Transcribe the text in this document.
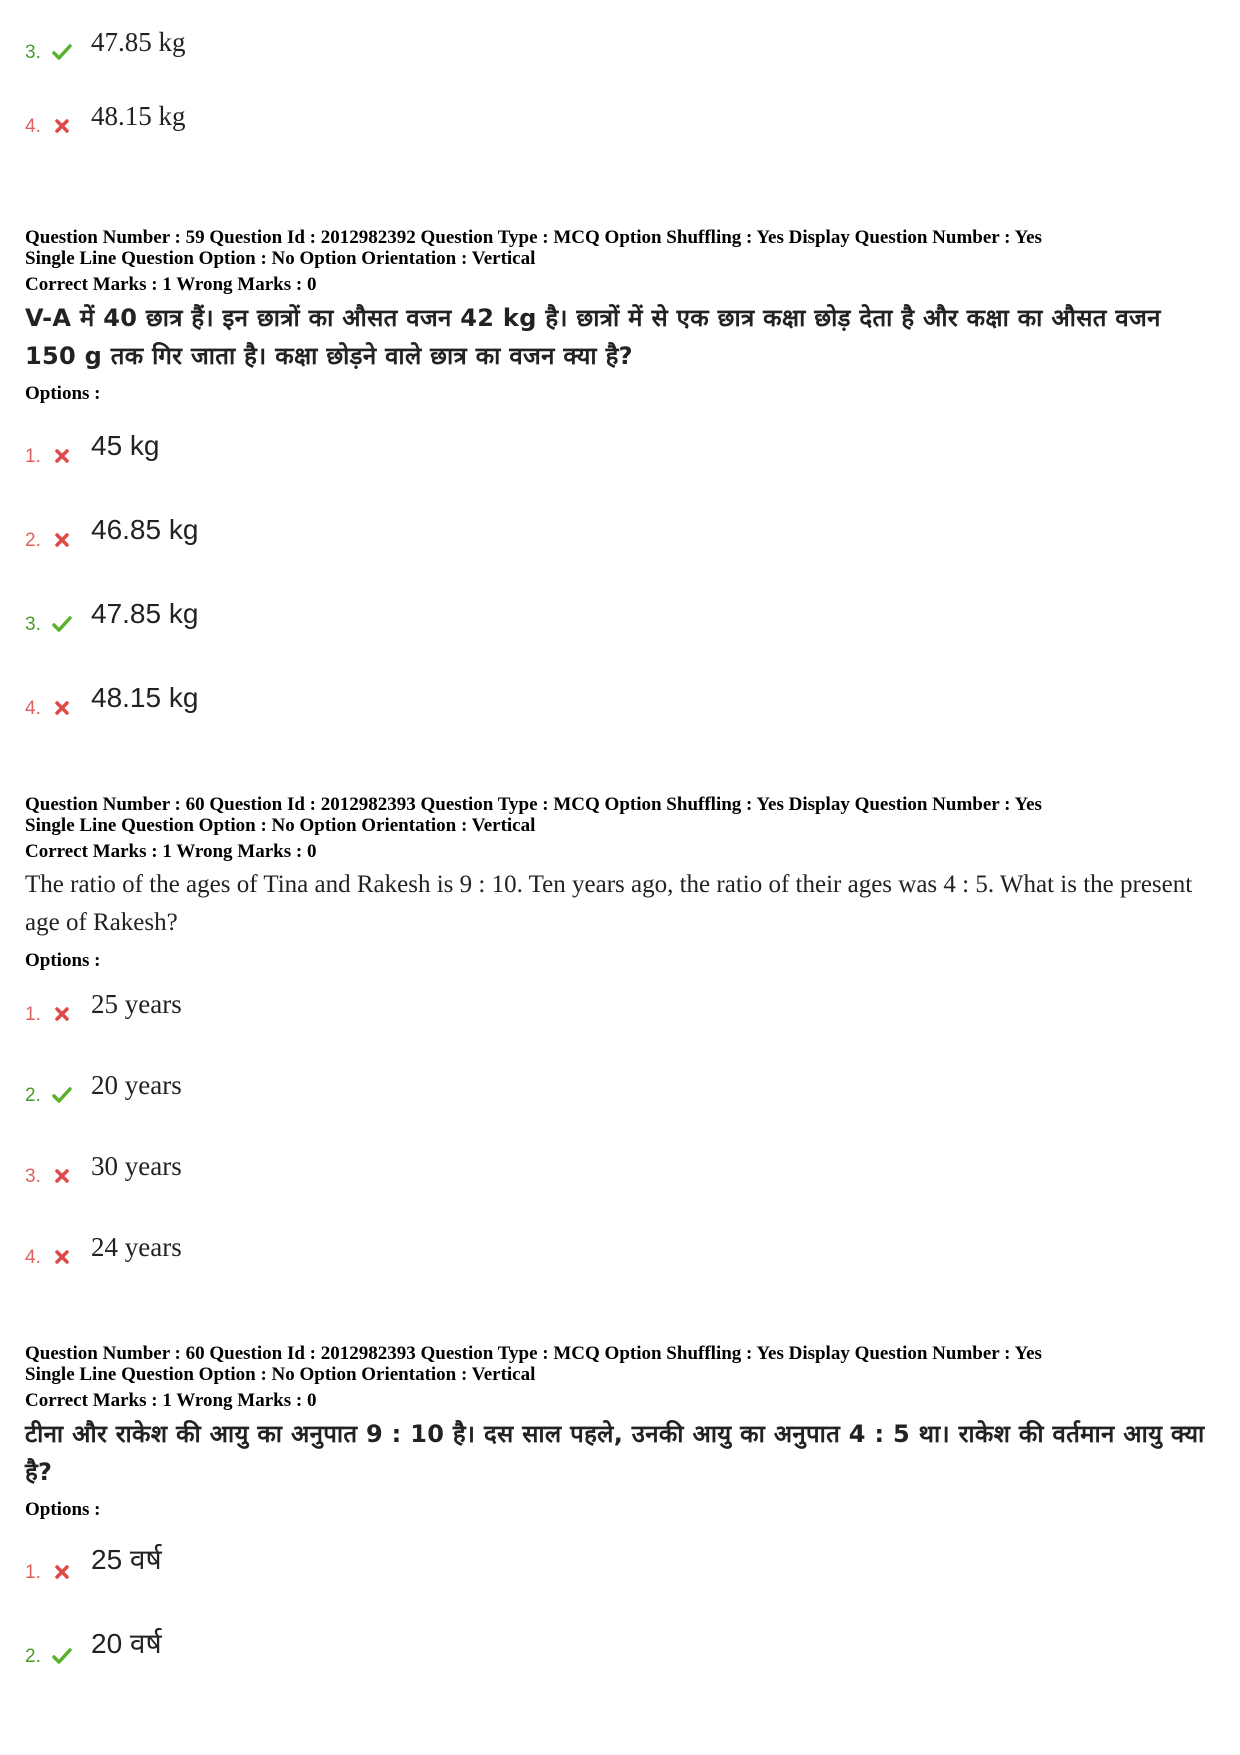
3. 47.85 kg
4. 48.15 kg
Question Number : 59 Question Id : 2012982392 Question Type : MCQ Option Shuffling : Yes Display Question Number : Yes
Single Line Question Option : No Option Orientation : Vertical
Correct Marks : 1 Wrong Marks : 0
V-A में 40 छात्र हैं। इन छात्रों का औसत वजन 42 kg है। छात्रों में से एक छात्र कक्षा छोड़ देता है और कक्षा का औसत वजन 150 g तक गिर जाता है। कक्षा छोड़ने वाले छात्र का वजन क्या है?
Options :
1. 45 kg
2. 46.85 kg
3. 47.85 kg
4. 48.15 kg
Question Number : 60 Question Id : 2012982393 Question Type : MCQ Option Shuffling : Yes Display Question Number : Yes
Single Line Question Option : No Option Orientation : Vertical
Correct Marks : 1 Wrong Marks : 0
The ratio of the ages of Tina and Rakesh is 9 : 10. Ten years ago, the ratio of their ages was 4 : 5. What is the present age of Rakesh?
Options :
1. 25 years
2. 20 years
3. 30 years
4. 24 years
Question Number : 60 Question Id : 2012982393 Question Type : MCQ Option Shuffling : Yes Display Question Number : Yes
Single Line Question Option : No Option Orientation : Vertical
Correct Marks : 1 Wrong Marks : 0
टीना और राकेश की आयु का अनुपात 9 : 10 है। दस साल पहले, उनकी आयु का अनुपात 4 : 5 था। राकेश की वर्तमान आयु क्या है?
Options :
1. 25 वर्ष
2. 20 वर्ष
